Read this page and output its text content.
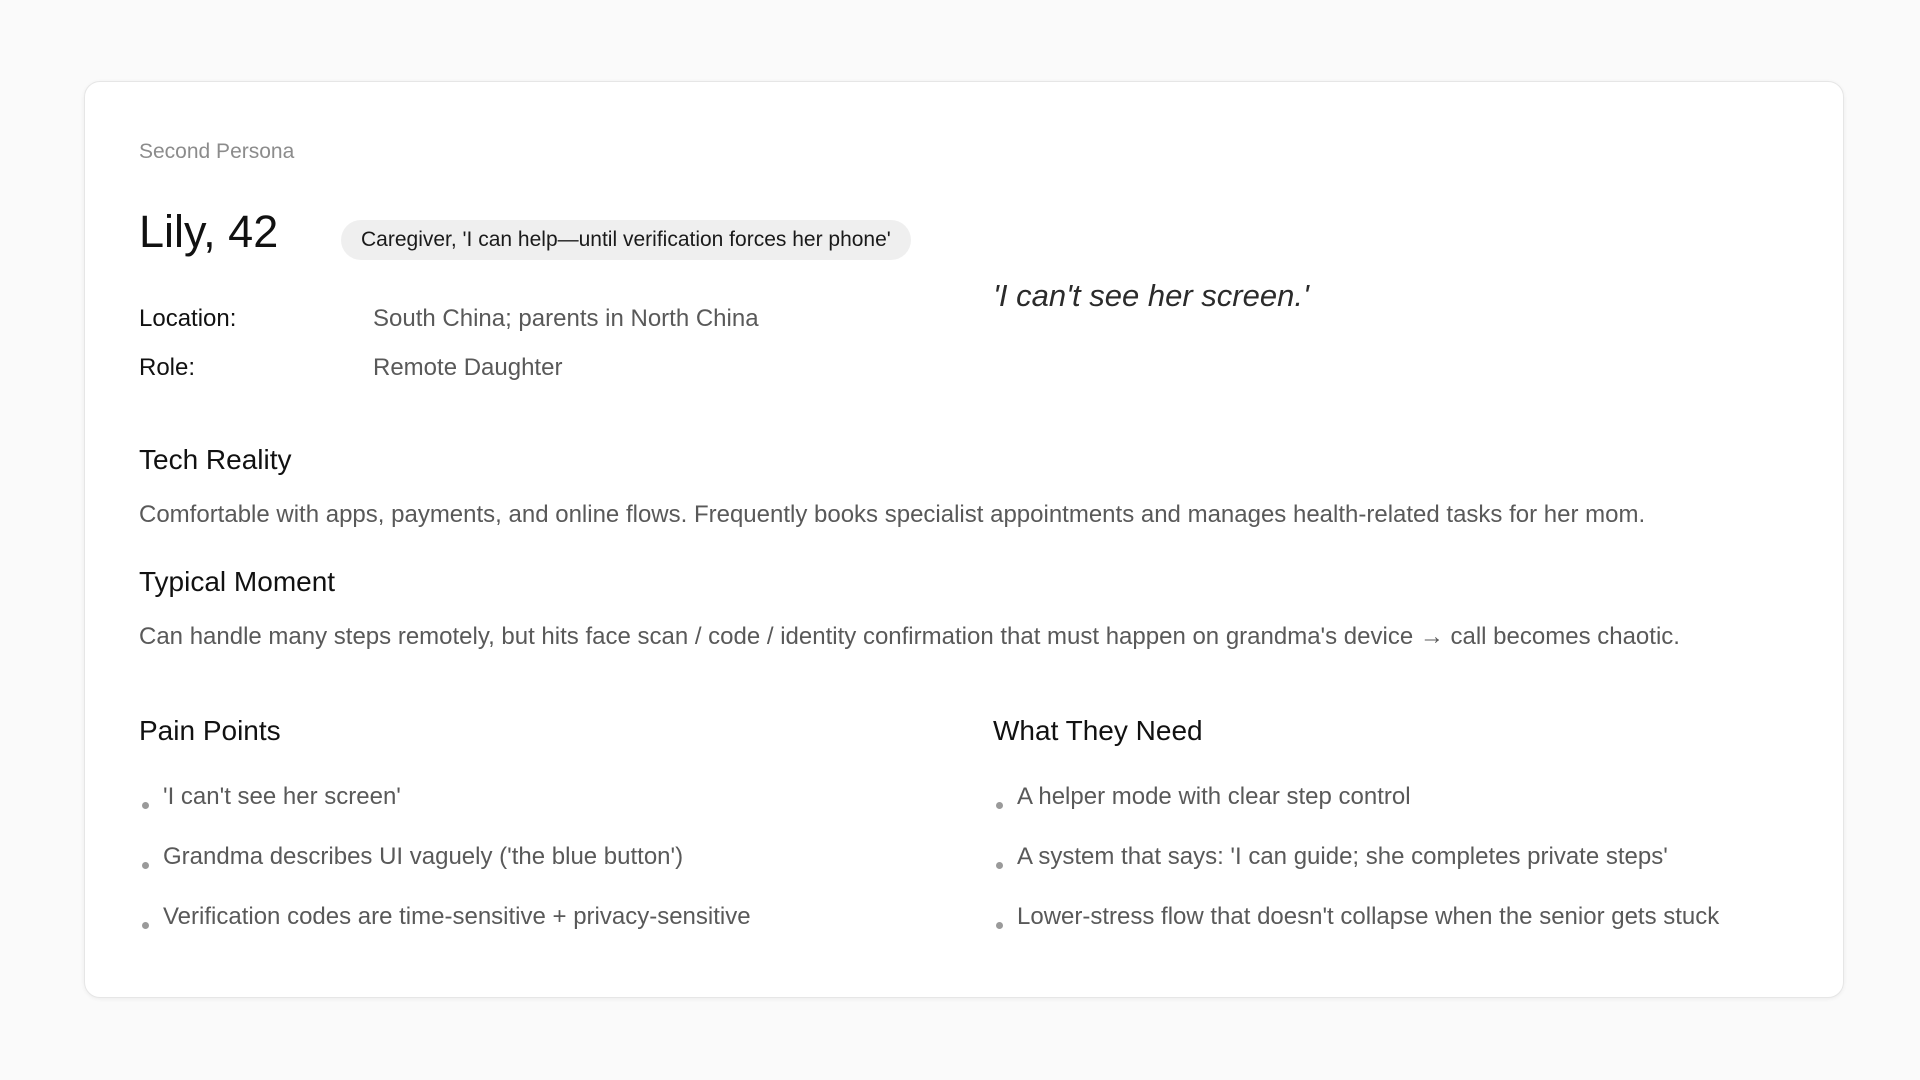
Second Persona
Lily, 42	Caregiver, 'I can help—until verification forces her phone'
'I can't see her screen.'
Location:	South China; parents in North China
Role:	Remote Daughter
Tech Reality
Comfortable with apps, payments, and online flows. Frequently books specialist appointments and manages health-related tasks for her mom.
Typical Moment
Can handle many steps remotely, but hits face scan / code / identity confirmation that must happen on grandma's device → call becomes chaotic.
Pain Points
'I can't see her screen'
Grandma describes UI vaguely ('the blue button')
Verification codes are time-sensitive + privacy-sensitive
What They Need
A helper mode with clear step control
A system that says: 'I can guide; she completes private steps'
Lower-stress flow that doesn't collapse when the senior gets stuck
